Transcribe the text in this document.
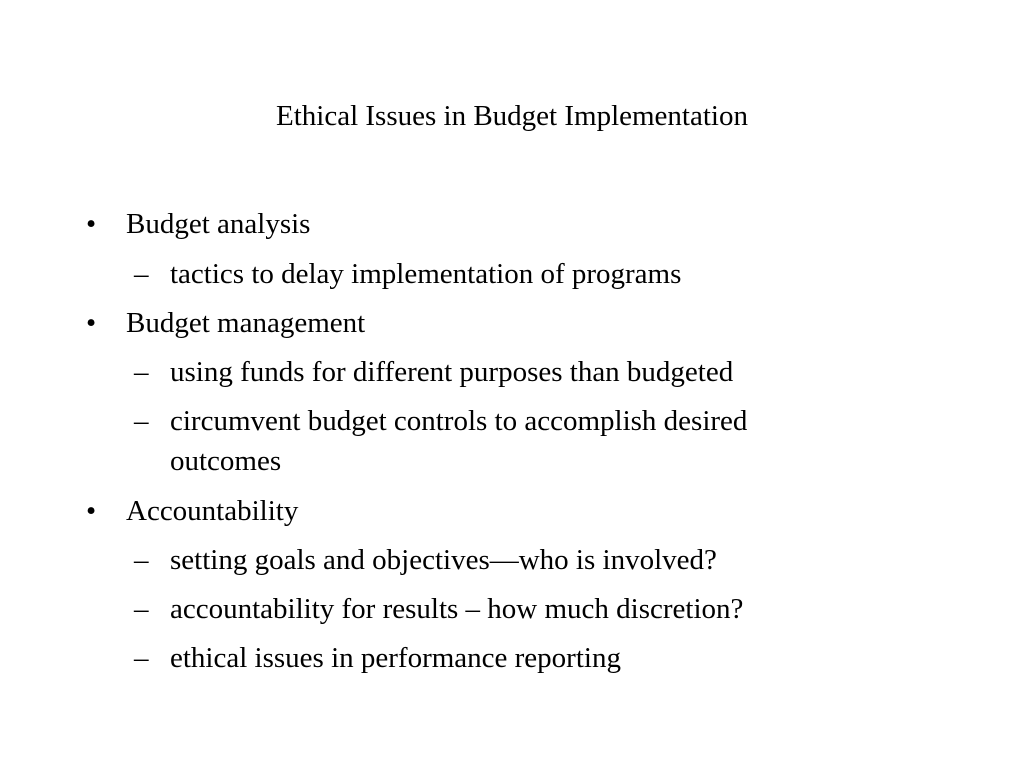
Ethical Issues in Budget Implementation
• Budget analysis
– tactics to delay implementation of programs
• Budget management
– using funds for different purposes than budgeted
– circumvent budget controls to accomplish desired
outcomes
• Accountability
– setting goals and objectives—who is involved?
– accountability for results – how much discretion?
– ethical issues in performance reporting
